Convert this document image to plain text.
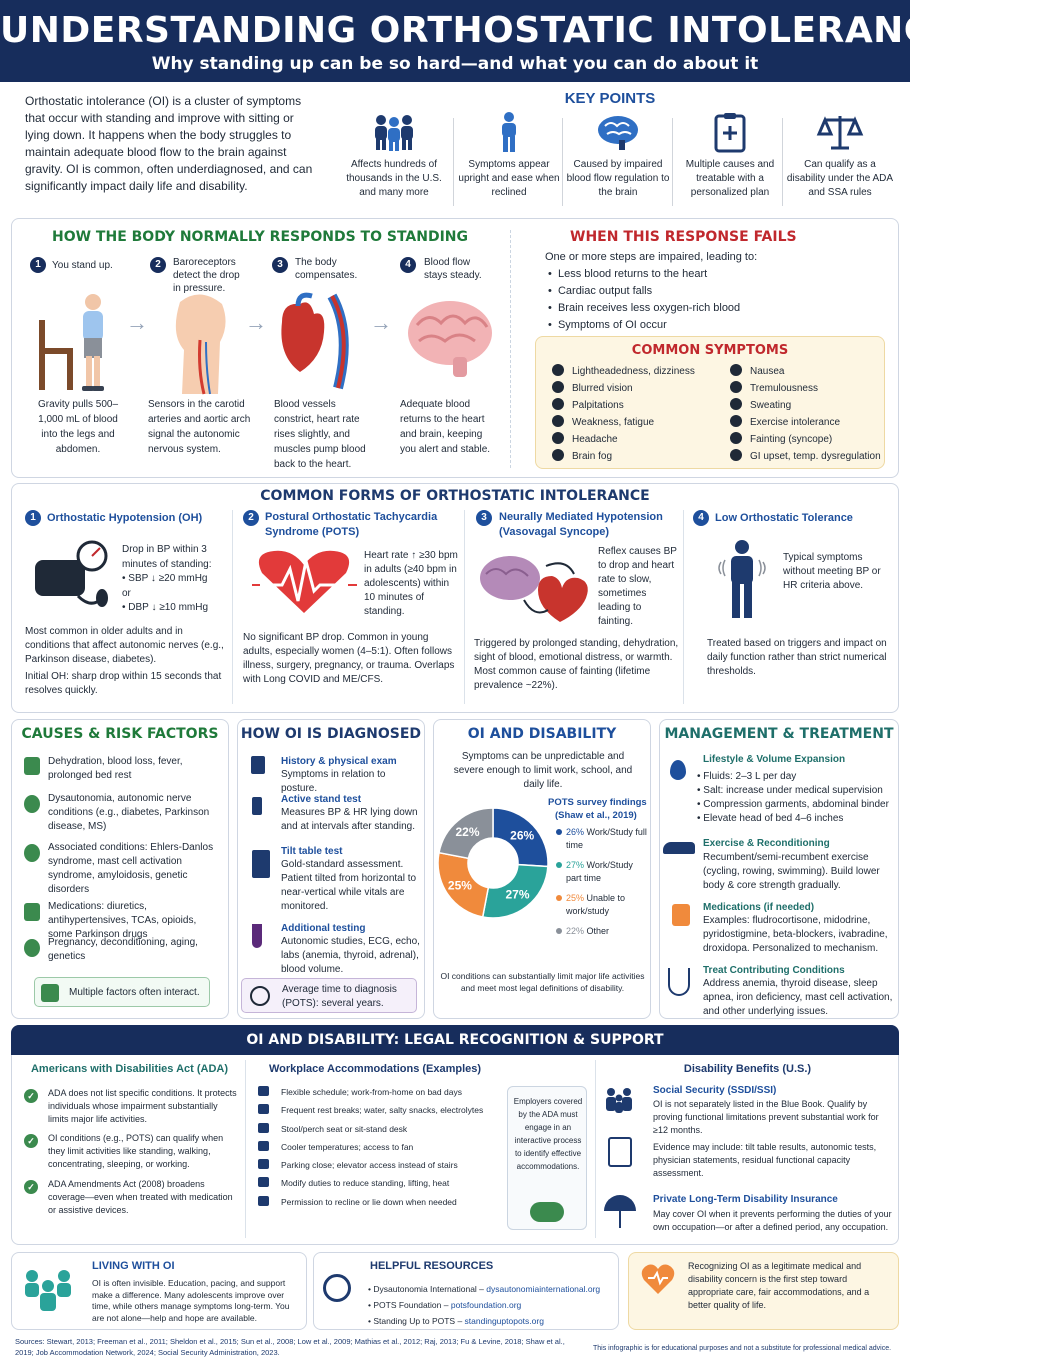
UNDERSTANDING ORTHOSTATIC INTOLERANCE (OI)
Why standing up can be so hard—and what you can do about it
Orthostatic intolerance (OI) is a cluster of symptoms that occur with standing and improve with sitting or lying down. It happens when the body struggles to maintain adequate blood flow to the brain against gravity. OI is common, often underdiagnosed, and can significantly impact daily life and disability.
KEY POINTS
Affects hundreds of thousands in the U.S. and many more
Symptoms appear upright and ease when reclined
Caused by impaired blood flow regulation to the brain
Multiple causes and treatable with a personalized plan
Can qualify as a disability under the ADA and SSA rules
HOW THE BODY NORMALLY RESPONDS TO STANDING
1	You stand up.	2	Baroreceptors detect the drop in pressure.
3	The body compensates.
4	Blood flow stays steady.
→	→	→
Gravity pulls 500–1,000 mL of blood into the legs and abdomen.
Sensors in the carotid arteries and aortic arch signal the autonomic nervous system.
Blood vessels constrict, heart rate rises slightly, and muscles pump blood back to the heart.
Adequate blood returns to the heart and brain, keeping you alert and stable.
WHEN THIS RESPONSE FAILS
One or more steps are impaired, leading to:
•  Less blood returns to the heart
•  Cardiac output falls
•  Brain receives less oxygen-rich blood
•  Symptoms of OI occur
COMMON SYMPTOMS
Lightheadedness, dizziness
Blurred vision
Palpitations
Weakness, fatigue
Headache
Brain fog
Nausea
Tremulousness
Sweating
Exercise intolerance
Fainting (syncope)
GI upset, temp. dysregulation
COMMON FORMS OF ORTHOSTATIC INTOLERANCE
1	Orthostatic Hypotension (OH)
Drop in BP within 3 minutes of standing:
• SBP ↓ ≥20 mmHg
or
• DBP ↓ ≥10 mmHg
Most common in older adults and in conditions that affect autonomic nerves (e.g., Parkinson disease, diabetes).
Initial OH: sharp drop within 15 seconds that resolves quickly.
2	Postural Orthostatic Tachycardia Syndrome (POTS)
Heart rate ↑ ≥30 bpm in adults (≥40 bpm in adolescents) within 10 minutes of standing.
No significant BP drop. Common in young adults, especially women (4–5:1). Often follows illness, surgery, pregnancy, or trauma. Overlaps with Long COVID and ME/CFS.
3	Neurally Mediated Hypotension (Vasovagal Syncope)
Reflex causes BP to drop and heart rate to slow, sometimes leading to fainting.
Triggered by prolonged standing, dehydration, sight of blood, emotional distress, or warmth. Most common cause of fainting (lifetime prevalence ~22%).
4	Low Orthostatic Tolerance
Typical symptoms without meeting BP or HR criteria above.
Treated based on triggers and impact on daily function rather than strict numerical thresholds.
CAUSES & RISK FACTORS
Dehydration, blood loss, fever, prolonged bed rest
Dysautonomia, autonomic nerve conditions (e.g., diabetes, Parkinson disease, MS)
Associated conditions: Ehlers-Danlos syndrome, mast cell activation syndrome, amyloidosis, genetic disorders
Medications: diuretics, antihypertensives, TCAs, opioids, some Parkinson drugs
Pregnancy, deconditioning, aging, genetics
Multiple factors often interact.
HOW OI IS DIAGNOSED
History & physical exam
Symptoms in relation to posture.
Active stand test
Measures BP & HR lying down and at intervals after standing.
Tilt table test
Gold-standard assessment. Patient tilted from horizontal to near-vertical while vitals are monitored.
Additional testing
Autonomic studies, ECG, echo, labs (anemia, thyroid, adrenal), blood volume.
Average time to diagnosis (POTS): several years.
OI AND DISABILITY
Symptoms can be unpredictable and severe enough to limit work, school, and daily life.
26%
27%
25%
22%
POTS survey findings
(Shaw et al., 2019)
26% Work/Study full time
27% Work/Study part time
25% Unable to work/study
22% Other
OI conditions can substantially limit major life activities and meet most legal definitions of disability.
MANAGEMENT & TREATMENT
Lifestyle & Volume Expansion
• Fluids: 2–3 L per day
• Salt: increase under medical supervision
• Compression garments, abdominal binder
• Elevate head of bed 4–6 inches
Exercise & Reconditioning
Recumbent/semi-recumbent exercise (cycling, rowing, swimming). Build lower body & core strength gradually.
Medications (if needed)
Examples: fludrocortisone, midodrine, pyridostigmine, beta-blockers, ivabradine, droxidopa. Personalized to mechanism.
Treat Contributing Conditions
Address anemia, thyroid disease, sleep apnea, iron deficiency, mast cell activation, and other underlying issues.
OI AND DISABILITY: LEGAL RECOGNITION & SUPPORT
Americans with Disabilities Act (ADA)
✓	ADA does not list specific conditions. It protects individuals whose impairment substantially limits major life activities.
✓	OI conditions (e.g., POTS) can qualify when they limit activities like standing, walking, concentrating, sleeping, or working.
✓	ADA Amendments Act (2008) broadens coverage—even when treated with medication or assistive devices.
Workplace Accommodations (Examples)
Flexible schedule; work-from-home on bad days
Frequent rest breaks; water, salty snacks, electrolytes
Stool/perch seat or sit-stand desk
Cooler temperatures; access to fan
Parking close; elevator access instead of stairs
Modify duties to reduce standing, lifting, heat
Permission to recline or lie down when needed
Employers covered by the ADA must engage in an interactive process to identify effective accommodations.
Disability Benefits (U.S.)
Social Security (SSDI/SSI)
OI is not separately listed in the Blue Book. Qualify by proving functional limitations prevent substantial work for ≥12 months.
Evidence may include: tilt table results, autonomic tests, physician statements, residual functional capacity assessment.
Private Long-Term Disability Insurance
May cover OI when it prevents performing the duties of your own occupation—or after a defined period, any occupation.
LIVING WITH OI
OI is often invisible. Education, pacing, and support make a difference. Many adolescents improve over time, while others manage symptoms long-term. You are not alone—help and hope are available.
HELPFUL RESOURCES
• Dysautonomia International – dysautonomiainternational.org
• POTS Foundation – potsfoundation.org
• Standing Up to POTS – standinguptopots.org
Recognizing OI as a legitimate medical and disability concern is the first step toward appropriate care, fair accommodations, and a better quality of life.
Sources: Stewart, 2013; Freeman et al., 2011; Sheldon et al., 2015; Sun et al., 2008; Low et al., 2009; Mathias et al., 2012; Raj, 2013; Fu & Levine, 2018; Shaw et al., 2019; Job Accommodation Network, 2024; Social Security Administration, 2023.	This infographic is for educational purposes and not a substitute for professional medical advice.
